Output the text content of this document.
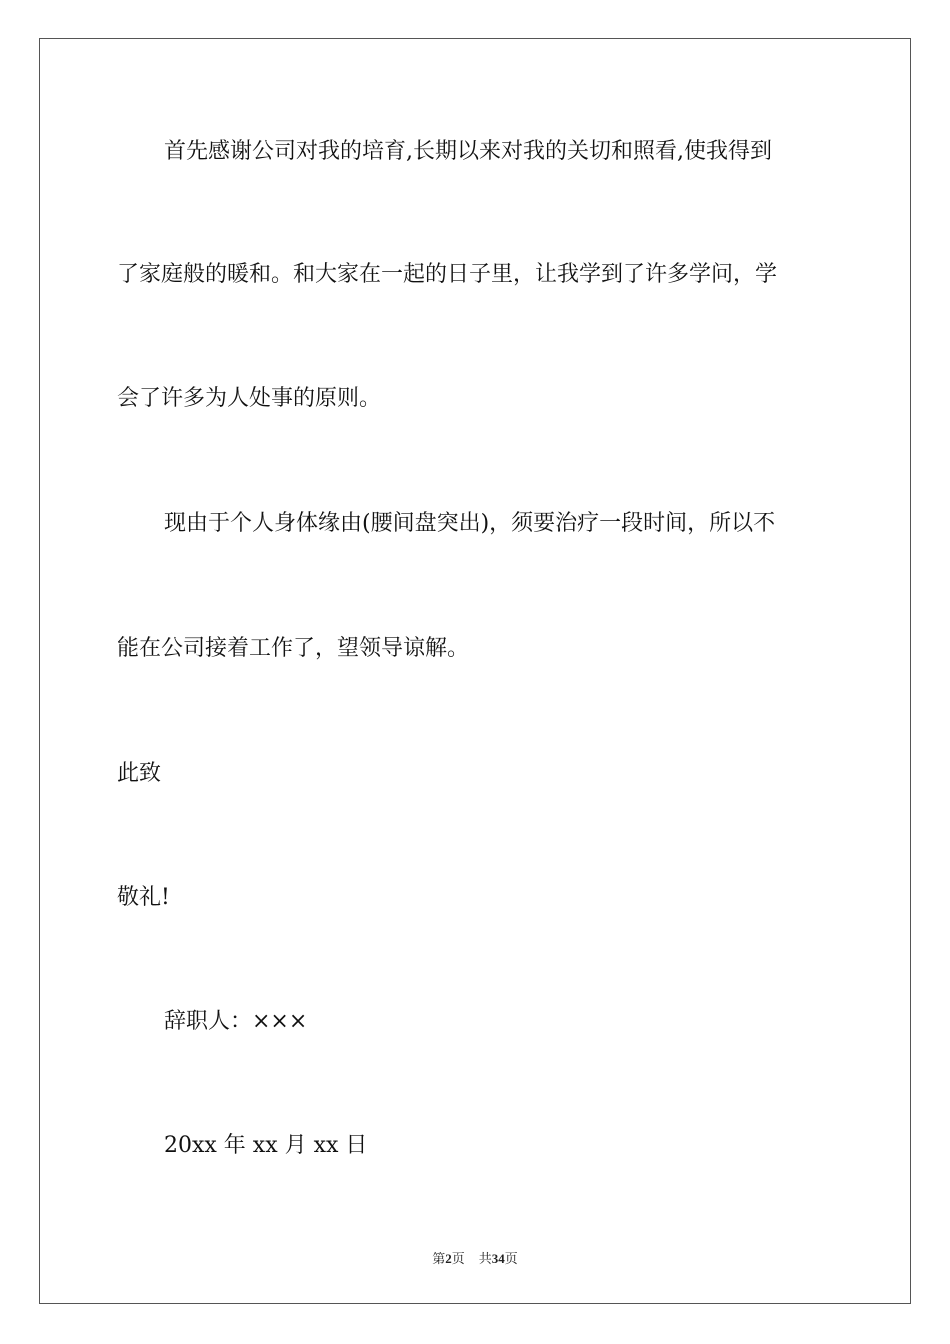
首先感谢公司对我的培育,长期以来对我的关切和照看,使我得到

了家庭般的暖和。和大家在一起的日子里，让我学到了许多学问，学

会了许多为人处事的原则。

现由于个人身体缘由(腰间盘突出)，须要治疗一段时间，所以不

能在公司接着工作了，望领导谅解。

此致

敬礼!

辞职人：×××

20xx 年 xx 月 xx 日

第2页 共34页
